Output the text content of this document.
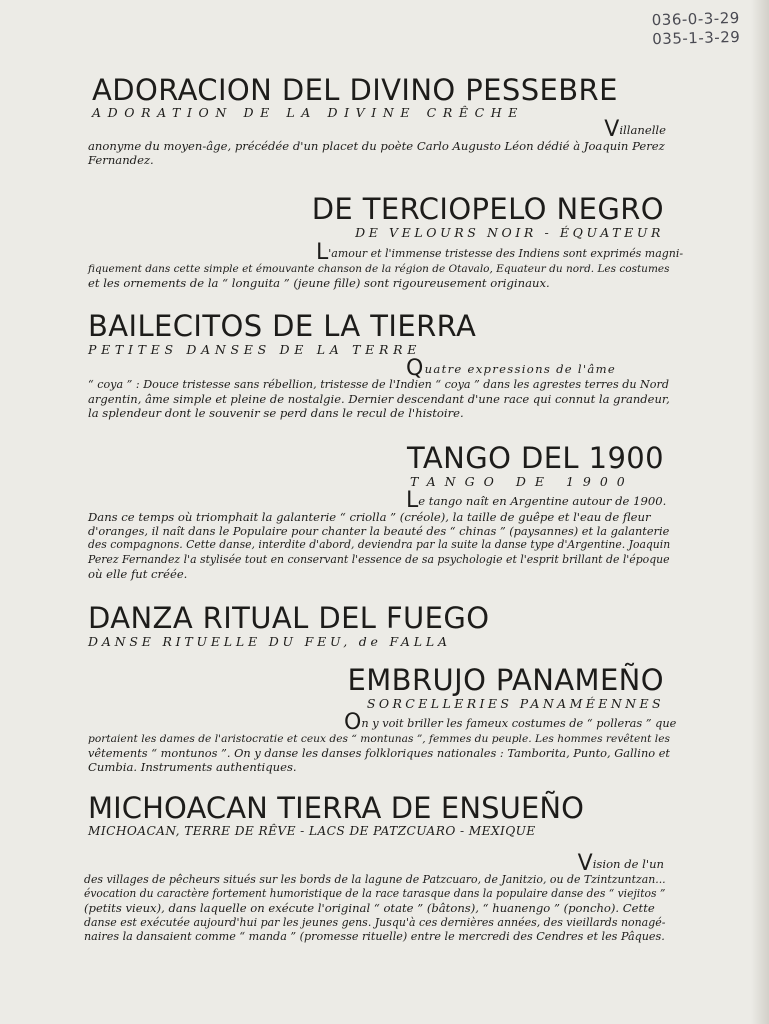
036-0-3-29
035-1-3-29
ADORACION DEL DIVINO PESSEBRE
ADORATION DE LA DIVINE CRÊCHE
Villanelle
anonyme du moyen-âge, précédée d'un placet du poète Carlo Augusto Léon dédié à Joaquin Perez
Fernandez.
DE TERCIOPELO NEGRO
DE VELOURS NOIR - ÉQUATEUR
L'amour et l'immense tristesse des Indiens sont exprimés magni-
fiquement dans cette simple et émouvante chanson de la région de Otavalo, Equateur du nord. Les costumes
et les ornements de la “ longuita ” (jeune fille) sont rigoureusement originaux.
BAILECITOS DE LA TIERRA
PETITES DANSES DE LA TERRE
Quatre expressions de l'âme
“ coya ” : Douce tristesse sans rébellion, tristesse de l'Indien “ coya ” dans les agrestes terres du Nord
argentin, âme simple et pleine de nostalgie. Dernier descendant d'une race qui connut la grandeur,
la splendeur dont le souvenir se perd dans le recul de l'histoire.
TANGO DEL 1900
TANGO DE 1900
Le tango naît en Argentine autour de 1900.
Dans ce temps où triomphait la galanterie “ criolla ” (créole), la taille de guêpe et l'eau de fleur
d'oranges, il naît dans le Populaire pour chanter la beauté des “ chinas ” (paysannes) et la galanterie
des compagnons. Cette danse, interdite d'abord, deviendra par la suite la danse type d'Argentine. Joaquin
Perez Fernandez l'a stylisée tout en conservant l'essence de sa psychologie et l'esprit brillant de l'époque
où elle fut créée.
DANZA RITUAL DEL FUEGO
DANSE RITUELLE DU FEU, de FALLA
EMBRUJO PANAMEÑO
SORCELLERIES PANAMÉENNES
On y voit briller les fameux costumes de “ polleras ” que
portaient les dames de l'aristocratie et ceux des “ montunas ”, femmes du peuple. Les hommes revêtent les
vêtements “ montunos ”. On y danse les danses folkloriques nationales : Tamborita, Punto, Gallino et
Cumbia. Instruments authentiques.
MICHOACAN TIERRA DE ENSUEÑO
MICHOACAN, TERRE DE RÊVE - LACS DE PATZCUARO - MEXIQUE
Vision de l'un
des villages de pêcheurs situés sur les bords de la lagune de Patzcuaro, de Janitzio, ou de Tzintzuntzan...
évocation du caractère fortement humoristique de la race tarasque dans la populaire danse des “ viejitos ”
(petits vieux), dans laquelle on exécute l'original “ otate ” (bâtons), “ huanengo ” (poncho). Cette
danse est exécutée aujourd'hui par les jeunes gens. Jusqu'à ces dernières années, des vieillards nonagé-
naires la dansaient comme “ manda ” (promesse rituelle) entre le mercredi des Cendres et les Pâques.
